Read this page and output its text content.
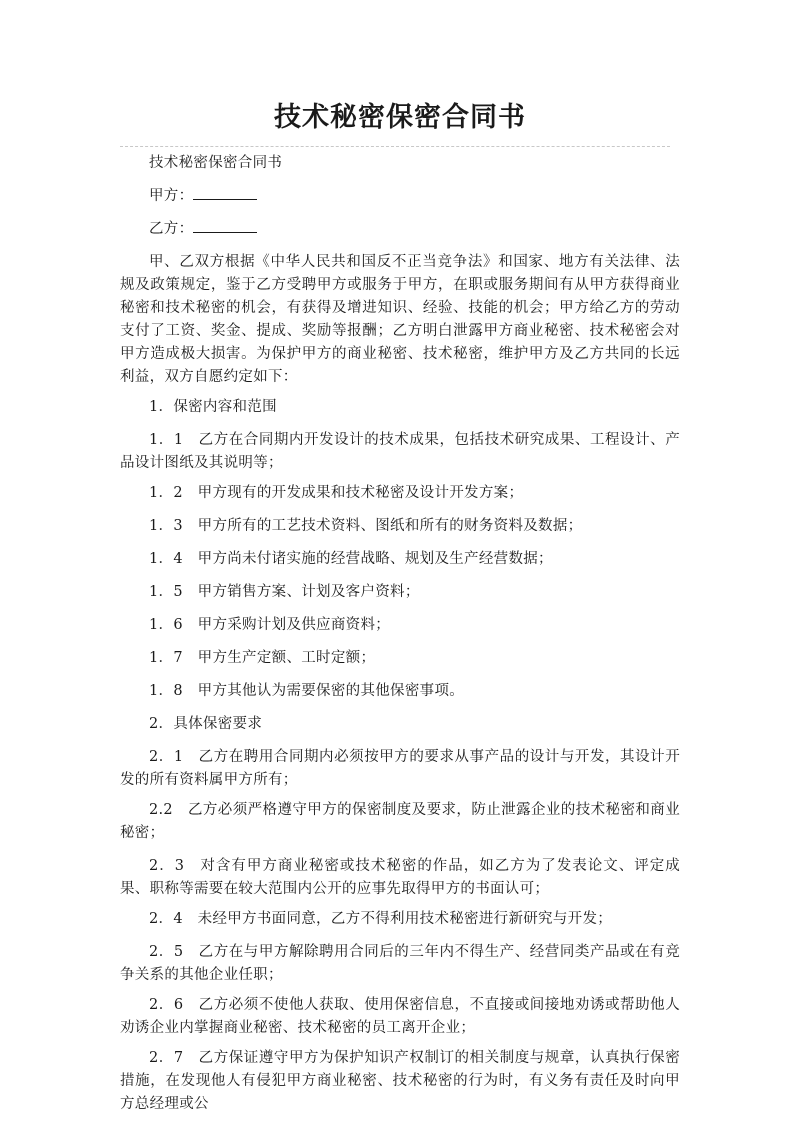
技术秘密保密合同书

技术秘密保密合同书

甲方：

乙方：

甲、乙双方根据《中华人民共和国反不正当竞争法》和国家、地方有关法律、法规及政策规定，鉴于乙方受聘甲方或服务于甲方，在职或服务期间有从甲方获得商业秘密和技术秘密的机会，有获得及增进知识、经验、技能的机会；甲方给乙方的劳动支付了工资、奖金、提成、奖励等报酬；乙方明白泄露甲方商业秘密、技术秘密会对甲方造成极大损害。为保护甲方的商业秘密、技术秘密，维护甲方及乙方共同的长远利益，双方自愿约定如下：

1．保密内容和范围

1．1　乙方在合同期内开发设计的技术成果，包括技术研究成果、工程设计、产品设计图纸及其说明等；

1．2　甲方现有的开发成果和技术秘密及设计开发方案；

1．3　甲方所有的工艺技术资料、图纸和所有的财务资料及数据；

1．4　甲方尚未付诸实施的经营战略、规划及生产经营数据；

1．5　甲方销售方案、计划及客户资料；

1．6　甲方采购计划及供应商资料；

1．7　甲方生产定额、工时定额；

1．8　甲方其他认为需要保密的其他保密事项。

2．具体保密要求

2．1　乙方在聘用合同期内必须按甲方的要求从事产品的设计与开发，其设计开发的所有资料属甲方所有；

2.2　乙方必须严格遵守甲方的保密制度及要求，防止泄露企业的技术秘密和商业秘密；

2．3　对含有甲方商业秘密或技术秘密的作品，如乙方为了发表论文、评定成果、职称等需要在较大范围内公开的应事先取得甲方的书面认可；

2．4　未经甲方书面同意，乙方不得利用技术秘密进行新研究与开发；

2．5　乙方在与甲方解除聘用合同后的三年内不得生产、经营同类产品或在有竞争关系的其他企业任职；

2．6　乙方必须不使他人获取、使用保密信息，不直接或间接地劝诱或帮助他人劝诱企业内掌握商业秘密、技术秘密的员工离开企业；

2．7　乙方保证遵守甲方为保护知识产权制订的相关制度与规章，认真执行保密措施，在发现他人有侵犯甲方商业秘密、技术秘密的行为时，有义务有责任及时向甲方总经理或公
